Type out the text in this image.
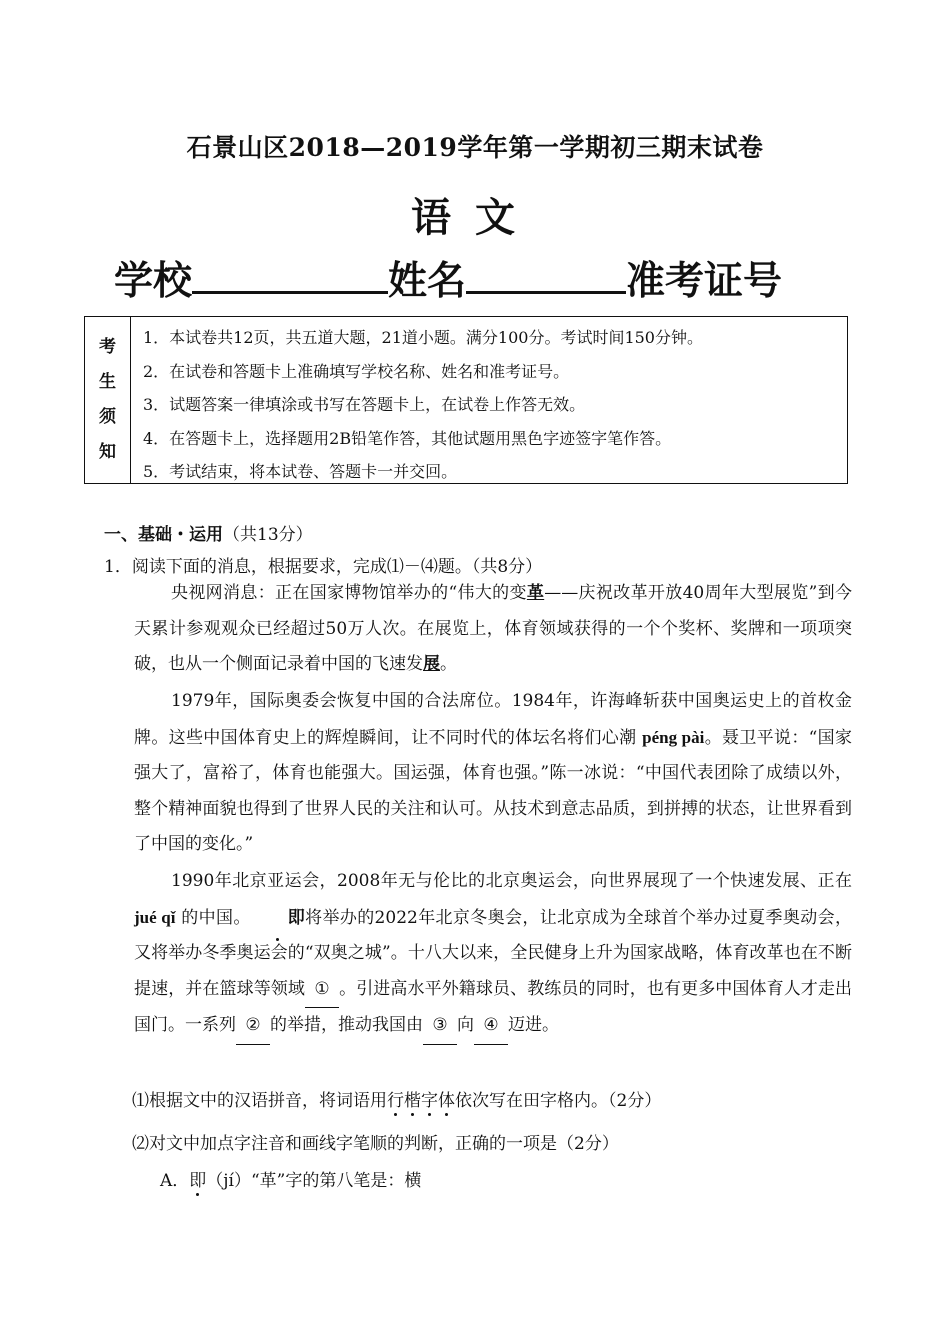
石景山区2018—2019学年第一学期初三期末试卷
语文
学校	姓名	准考证号
考
生
须
知
1．本试卷共12页，共五道大题，21道小题。满分100分。考试时间150分钟。
2．在试卷和答题卡上准确填写学校名称、姓名和准考证号。
3．试题答案一律填涂或书写在答题卡上，在试卷上作答无效。
4．在答题卡上，选择题用2B铅笔作答，其他试题用黑色字迹签字笔作答。
5．考试结束，将本试卷、答题卡一并交回。
一、基础・运用（共13分）
1．阅读下面的消息，根据要求，完成⑴－⑷题。（共8分）
央视网消息：正在国家博物馆举办的“伟大的变革——庆祝改革开放40周年大型展览”到今天累计参观观众已经超过50万人次。在展览上，体育领域获得的一个个奖杯、奖牌和一项项突破，也从一个侧面记录着中国的飞速发展。
1979年，国际奥委会恢复中国的合法席位。1984年，许海峰斩获中国奥运史上的首枚金牌。这些中国体育史上的辉煌瞬间，让不同时代的体坛名将们心潮 péng pài。聂卫平说：“国家强大了，富裕了，体育也能强大。国运强，体育也强。”陈一冰说：“中国代表团除了成绩以外，整个精神面貌也得到了世界人民的关注和认可。从技术到意志品质，到拼搏的状态，让世界看到了中国的变化。”
1990年北京亚运会，2008年无与伦比的北京奥运会，向世界展现了一个快速发展、正在 jué qǐ 的中国。 即将举办的2022年北京冬奥会，让北京成为全球首个举办过夏季奥动会，又将举办冬季奥运会的“双奥之城”。十八大以来，全民健身上升为国家战略，体育改革也在不断提速，并在篮球等领域 ① 。引进高水平外籍球员、教练员的同时，也有更多中国体育人才走出国门。一系列 ② 的举措，推动我国由 ③ 向 ④ 迈进。
⑴根据文中的汉语拼音，将词语用行楷字体依次写在田字格内。（2分）
⑵对文中加点字注音和画线字笔顺的判断，正确的一项是（2分）
A．即（jí）“革”字的第八笔是：横
